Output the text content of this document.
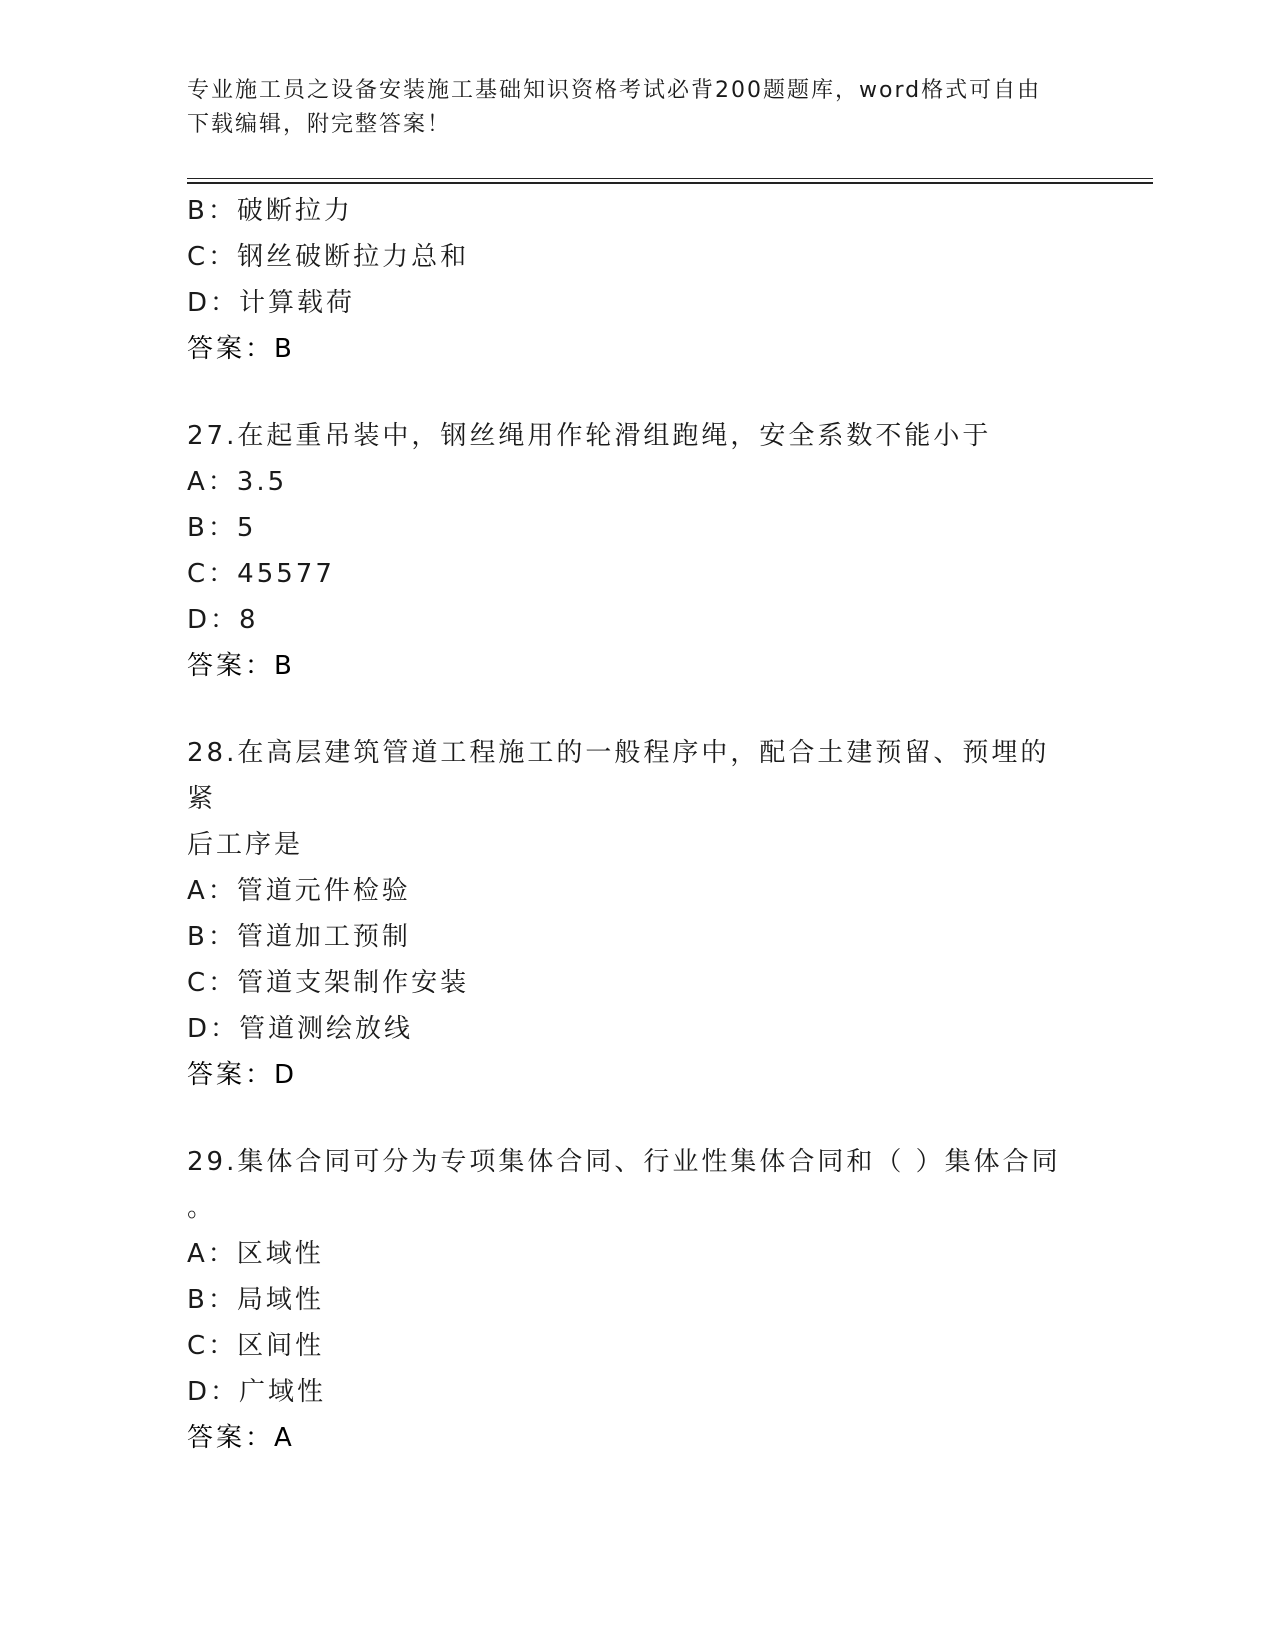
专业施工员之设备安装施工基础知识资格考试必背200题题库，word格式可自由
下载编辑，附完整答案！
B：破断拉力
C：钢丝破断拉力总和
D：计算载荷
答案：B
27.在起重吊装中，钢丝绳用作轮滑组跑绳，安全系数不能小于
A：3.5
B：5
C：45577
D：8
答案：B
28.在高层建筑管道工程施工的一般程序中，配合土建预留、预埋的紧
后工序是
A：管道元件检验
B：管道加工预制
C：管道支架制作安装
D：管道测绘放线
答案：D
29.集体合同可分为专项集体合同、行业性集体合同和（ ）集体合同
。
A：区域性
B：局域性
C：区间性
D：广域性
答案：A
